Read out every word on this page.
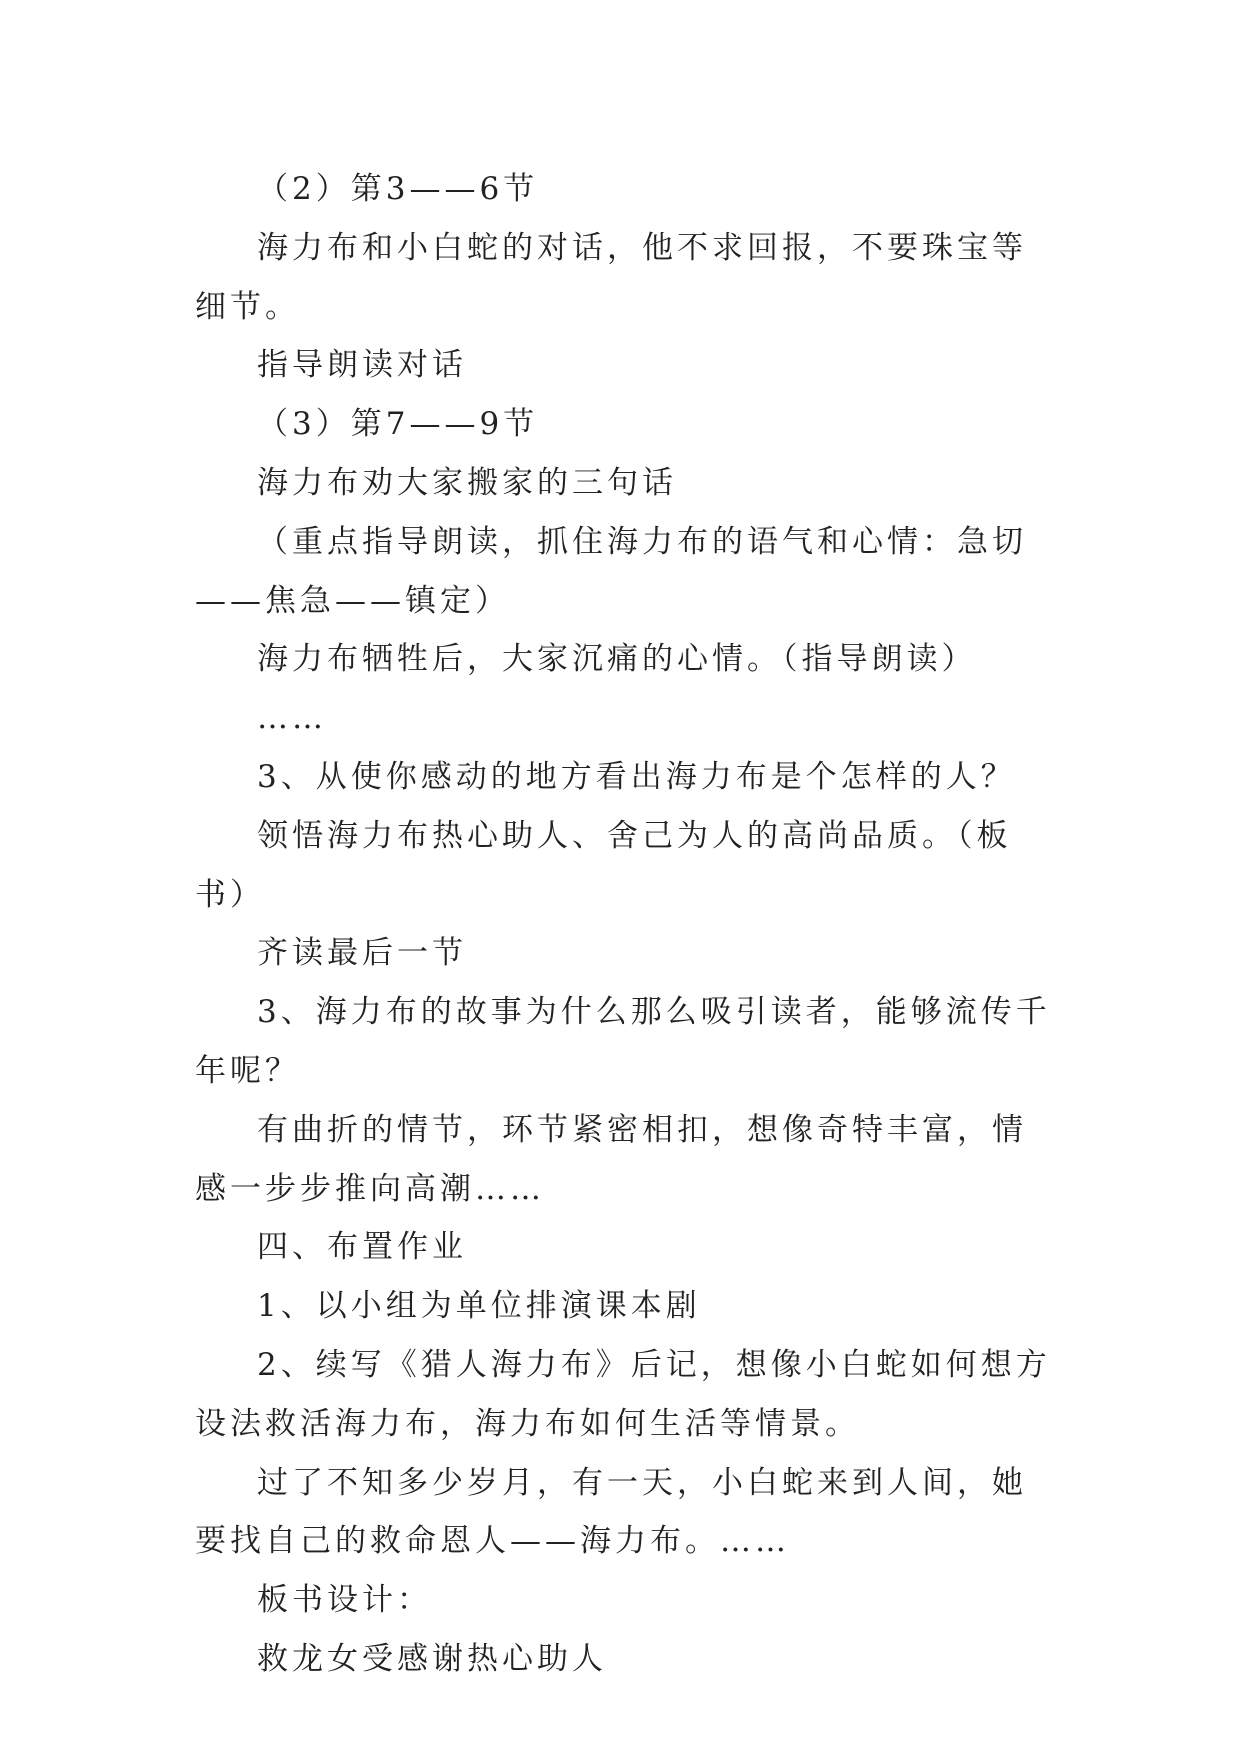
（2）第3——6节

海力布和小白蛇的对话，他不求回报，不要珠宝等细节。

指导朗读对话

（3）第7——9节

海力布劝大家搬家的三句话

（重点指导朗读，抓住海力布的语气和心情：急切——焦急——镇定）

海力布牺牲后，大家沉痛的心情。（指导朗读）

……

3、从使你感动的地方看出海力布是个怎样的人？

领悟海力布热心助人、舍己为人的高尚品质。（板书）

齐读最后一节

3、海力布的故事为什么那么吸引读者，能够流传千年呢？

有曲折的情节，环节紧密相扣，想像奇特丰富，情感一步步推向高潮……

四、布置作业

1、以小组为单位排演课本剧

2、续写《猎人海力布》后记，想像小白蛇如何想方设法救活海力布，海力布如何生活等情景。

过了不知多少岁月，有一天，小白蛇来到人间，她要找自己的救命恩人——海力布。……

板书设计：

救龙女受感谢热心助人
